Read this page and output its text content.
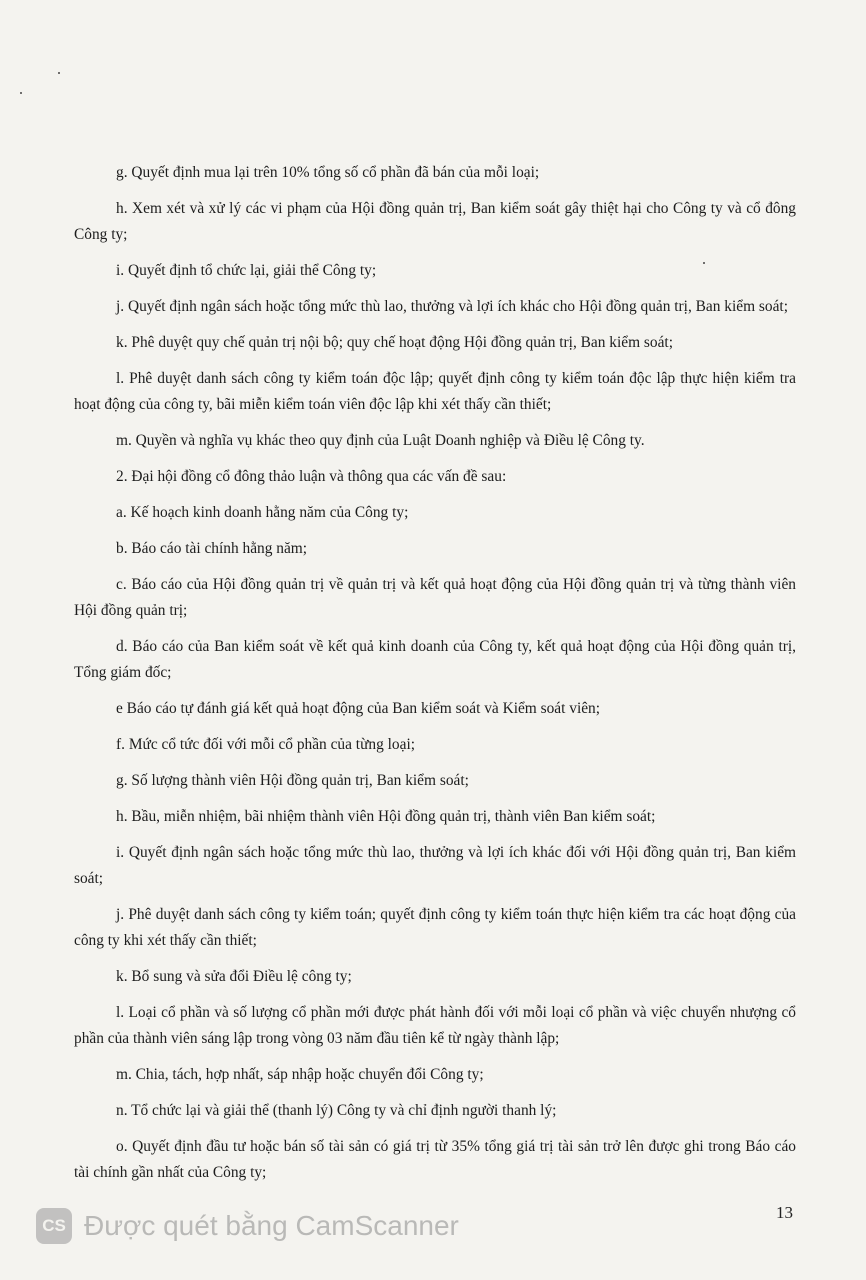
g. Quyết định mua lại trên 10% tổng số cổ phần đã bán của mỗi loại;

h. Xem xét và xử lý các vi phạm của Hội đồng quản trị, Ban kiểm soát gây thiệt hại cho Công ty và cổ đông Công ty;

i. Quyết định tổ chức lại, giải thể Công ty;

j. Quyết định ngân sách hoặc tổng mức thù lao, thưởng và lợi ích khác cho Hội đồng quản trị, Ban kiểm soát;

k. Phê duyệt quy chế quản trị nội bộ; quy chế hoạt động Hội đồng quản trị, Ban kiểm soát;

l. Phê duyệt danh sách công ty kiểm toán độc lập; quyết định công ty kiểm toán độc lập thực hiện kiểm tra hoạt động của công ty, bãi miễn kiểm toán viên độc lập khi xét thấy cần thiết;

m. Quyền và nghĩa vụ khác theo quy định của Luật Doanh nghiệp và Điều lệ Công ty.

2. Đại hội đồng cổ đông thảo luận và thông qua các vấn đề sau:

a. Kế hoạch kinh doanh hằng năm của Công ty;

b. Báo cáo tài chính hằng năm;

c. Báo cáo của Hội đồng quản trị về quản trị và kết quả hoạt động của Hội đồng quản trị và từng thành viên Hội đồng quản trị;

d. Báo cáo của Ban kiểm soát về kết quả kinh doanh của Công ty, kết quả hoạt động của Hội đồng quản trị, Tổng giám đốc;

e Báo cáo tự đánh giá kết quả hoạt động của Ban kiểm soát và Kiểm soát viên;

f. Mức cổ tức đối với mỗi cổ phần của từng loại;

g. Số lượng thành viên Hội đồng quản trị, Ban kiểm soát;

h. Bầu, miễn nhiệm, bãi nhiệm thành viên Hội đồng quản trị, thành viên Ban kiểm soát;

i. Quyết định ngân sách hoặc tổng mức thù lao, thưởng và lợi ích khác đối với Hội đồng quản trị, Ban kiểm soát;

j. Phê duyệt danh sách công ty kiểm toán; quyết định công ty kiểm toán thực hiện kiểm tra các hoạt động của công ty khi xét thấy cần thiết;

k. Bổ sung và sửa đổi Điều lệ công ty;

l. Loại cổ phần và số lượng cổ phần mới được phát hành đối với mỗi loại cổ phần và việc chuyển nhượng cổ phần của thành viên sáng lập trong vòng 03 năm đầu tiên kể từ ngày thành lập;

m. Chia, tách, hợp nhất, sáp nhập hoặc chuyển đổi Công ty;

n. Tổ chức lại và giải thể (thanh lý) Công ty và chỉ định người thanh lý;

o. Quyết định đầu tư hoặc bán số tài sản có giá trị từ 35% tổng giá trị tài sản trở lên được ghi trong Báo cáo tài chính gần nhất của Công ty;

13
CS Được quét bằng CamScanner
